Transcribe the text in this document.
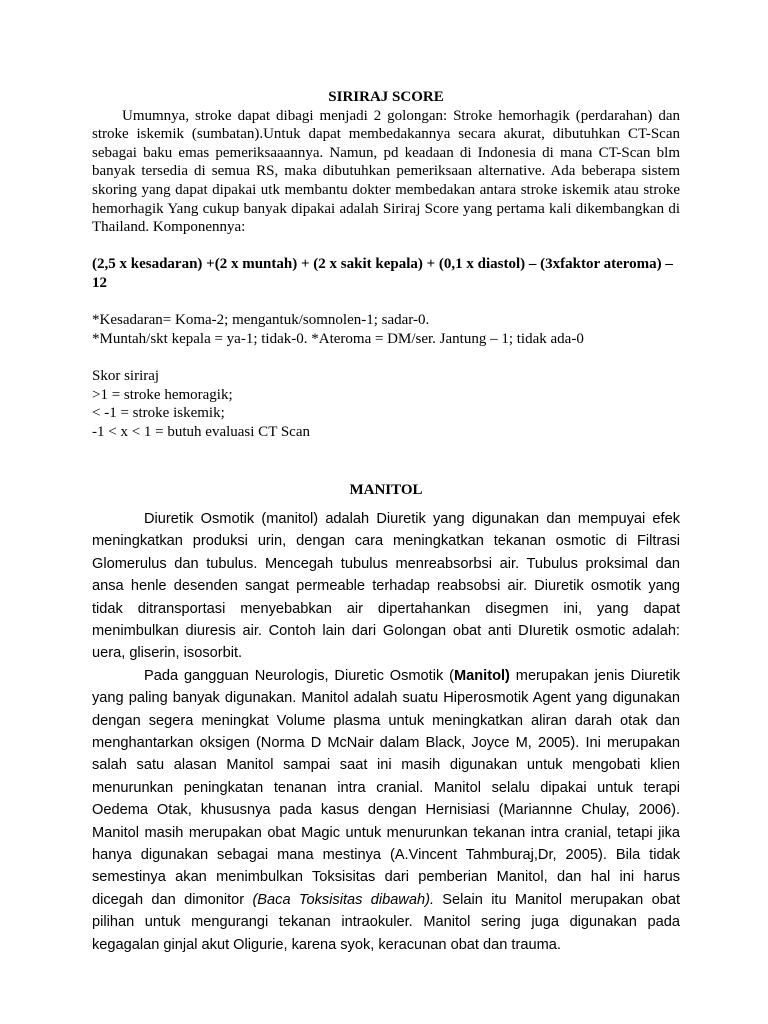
SIRIRAJ SCORE

Umumnya, stroke dapat dibagi menjadi 2 golongan: Stroke hemorhagik (perdarahan) dan stroke iskemik (sumbatan).Untuk dapat membedakannya secara akurat, dibutuhkan CT-Scan sebagai baku emas pemeriksaaannya. Namun, pd keadaan di Indonesia di mana CT-Scan blm banyak tersedia di semua RS, maka dibutuhkan pemeriksaan alternative. Ada beberapa sistem skoring yang dapat dipakai utk membantu dokter membedakan antara stroke iskemik atau stroke hemorhagik Yang cukup banyak dipakai adalah Siriraj Score yang pertama kali dikembangkan di Thailand. Komponennya:

(2,5 x kesadaran) +(2 x muntah) + (2 x sakit kepala) + (0,1 x diastol) – (3xfaktor ateroma) – 12

*Kesadaran= Koma-2; mengantuk/somnolen-1; sadar-0.

*Muntah/skt kepala = ya-1; tidak-0. *Ateroma = DM/ser. Jantung – 1; tidak ada-0

Skor siriraj

>1 = stroke hemoragik;

< -1 = stroke iskemik;

-1 < x < 1 = butuh evaluasi CT Scan

MANITOL

Diuretik Osmotik (manitol) adalah Diuretik yang digunakan dan mempuyai efek meningkatkan produksi urin, dengan cara meningkatkan tekanan osmotic di Filtrasi Glomerulus dan tubulus. Mencegah tubulus menreabsorbsi air. Tubulus proksimal dan ansa henle desenden sangat permeable terhadap reabsobsi air. Diuretik osmotik yang tidak ditransportasi menyebabkan air dipertahankan disegmen ini, yang dapat menimbulkan diuresis air. Contoh lain dari Golongan obat anti DIuretik osmotic adalah: uera, gliserin, isosorbit.

Pada gangguan Neurologis, Diuretic Osmotik (Manitol) merupakan jenis Diuretik yang paling banyak digunakan. Manitol adalah suatu Hiperosmotik Agent yang digunakan dengan segera meningkat Volume plasma untuk meningkatkan aliran darah otak dan menghantarkan oksigen (Norma D McNair dalam Black, Joyce M, 2005). Ini merupakan salah satu alasan Manitol sampai saat ini masih digunakan untuk mengobati klien menurunkan peningkatan tenanan intra cranial. Manitol selalu dipakai untuk terapi Oedema Otak, khususnya pada kasus dengan Hernisiasi (Mariannne Chulay, 2006). Manitol masih merupakan obat Magic untuk menurunkan tekanan intra cranial, tetapi jika hanya digunakan sebagai mana mestinya (A.Vincent Tahmburaj,Dr, 2005). Bila tidak semestinya akan menimbulkan Toksisitas dari pemberian Manitol, dan hal ini harus dicegah dan dimonitor (Baca Toksisitas dibawah). Selain itu Manitol merupakan obat pilihan untuk mengurangi tekanan intraokuler. Manitol sering juga digunakan pada kegagalan ginjal akut Oligurie, karena syok, keracunan obat dan trauma.
